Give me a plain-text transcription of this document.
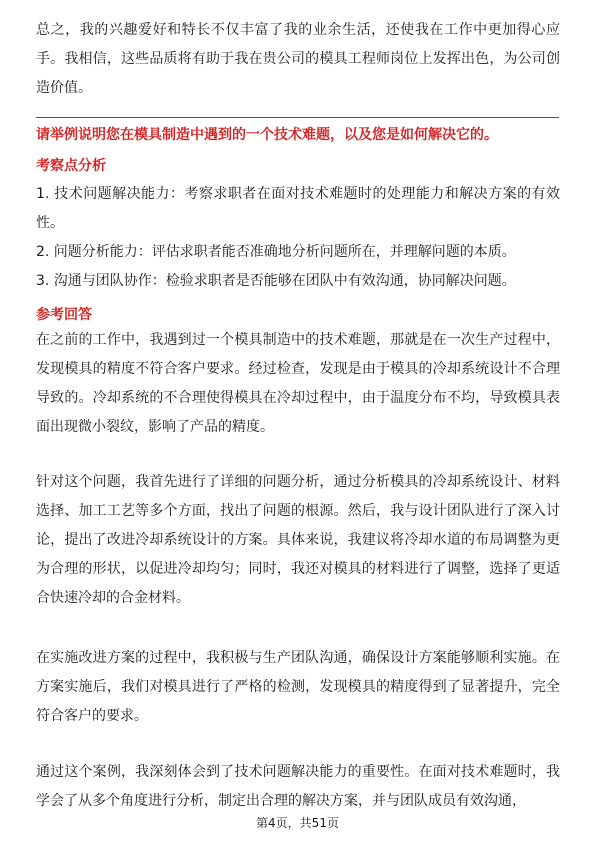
总之，我的兴趣爱好和特长不仅丰富了我的业余生活，还使我在工作中更加得心应手。我相信，这些品质将有助于我在贵公司的模具工程师岗位上发挥出色，为公司创造价值。

请举例说明您在模具制造中遇到的一个技术难题，以及您是如何解决它的。

考察点分析

1. 技术问题解决能力：考察求职者在面对技术难题时的处理能力和解决方案的有效性。

2. 问题分析能力：评估求职者能否准确地分析问题所在，并理解问题的本质。

3. 沟通与团队协作：检验求职者是否能够在团队中有效沟通，协同解决问题。

参考回答

在之前的工作中，我遇到过一个模具制造中的技术难题，那就是在一次生产过程中，发现模具的精度不符合客户要求。经过检查，发现是由于模具的冷却系统设计不合理导致的。冷却系统的不合理使得模具在冷却过程中，由于温度分布不均，导致模具表面出现微小裂纹，影响了产品的精度。

针对这个问题，我首先进行了详细的问题分析，通过分析模具的冷却系统设计、材料选择、加工工艺等多个方面，找出了问题的根源。然后，我与设计团队进行了深入讨论，提出了改进冷却系统设计的方案。具体来说，我建议将冷却水道的布局调整为更为合理的形状，以促进冷却均匀；同时，我还对模具的材料进行了调整，选择了更适合快速冷却的合金材料。

在实施改进方案的过程中，我积极与生产团队沟通，确保设计方案能够顺利实施。在方案实施后，我们对模具进行了严格的检测，发现模具的精度得到了显著提升，完全符合客户的要求。

通过这个案例，我深刻体会到了技术问题解决能力的重要性。在面对技术难题时，我学会了从多个角度进行分析，制定出合理的解决方案，并与团队成员有效沟通，

第4页，共51页
